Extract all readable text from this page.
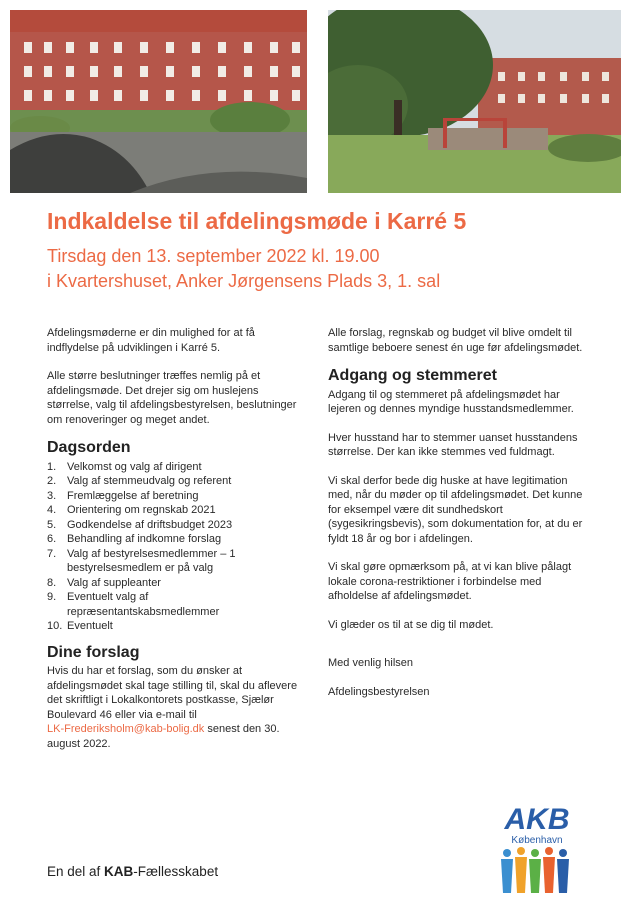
Indkaldelse til afdelingsmøde i Karré 5
Tirsdag den 13. september 2022 kl. 19.00
i Kvartershuset, Anker Jørgensens Plads 3, 1. sal

Afdelingsmøderne er din mulighed for at få indflydelse på udviklingen i Karré 5.

Alle større beslutninger træffes nemlig på et afdelingsmøde. Det drejer sig om huslejens størrelse, valg til afdelingsbestyrelsen, beslutninger om renoveringer og meget andet.

Dagsorden
1. Velkomst og valg af dirigent
2. Valg af stemmeudvalg og referent
3. Fremlæggelse af beretning
4. Orientering om regnskab 2021
5. Godkendelse af driftsbudget 2023
6. Behandling af indkomne forslag
7. Valg af bestyrelsesmedlemmer – 1 bestyrelsesmedlem er på valg
8. Valg af suppleanter
9. Eventuelt valg af repræsentantskabsmedlemmer
10. Eventuelt
Dine forslag

Hvis du har et forslag, som du ønsker at afdelingsmødet skal tage stilling til, skal du aflevere det skriftligt i Lokalkontorets postkasse, Sjælør Boulevard 46 eller via e-mail til
LK-Frederiksholm@kab-bolig.dk senest den 30. august 2022.

Alle forslag, regnskab og budget vil blive omdelt til samtlige beboere senest én uge før afdelingsmødet.

Adgang og stemmeret

Adgang til og stemmeret på afdelingsmødet har lejeren og dennes myndige husstandsmedlemmer.

Hver husstand har to stemmer uanset husstandens størrelse. Der kan ikke stemmes ved fuldmagt.

Vi skal derfor bede dig huske at have legitimation med, når du møder op til afdelingsmødet. Det kunne for eksempel være dit sundhedskort (sygesikringsbevis), som dokumentation for, at du er fyldt 18 år og bor i afdelingen.

Vi skal gøre opmærksom på, at vi kan blive pålagt lokale corona-restriktioner i forbindelse med afholdelse af afdelingsmødet.

Vi glæder os til at se dig til mødet.

Med venlig hilsen

Afdelingsbestyrelsen

En del af KAB-Fællesskabet
AKB
København
